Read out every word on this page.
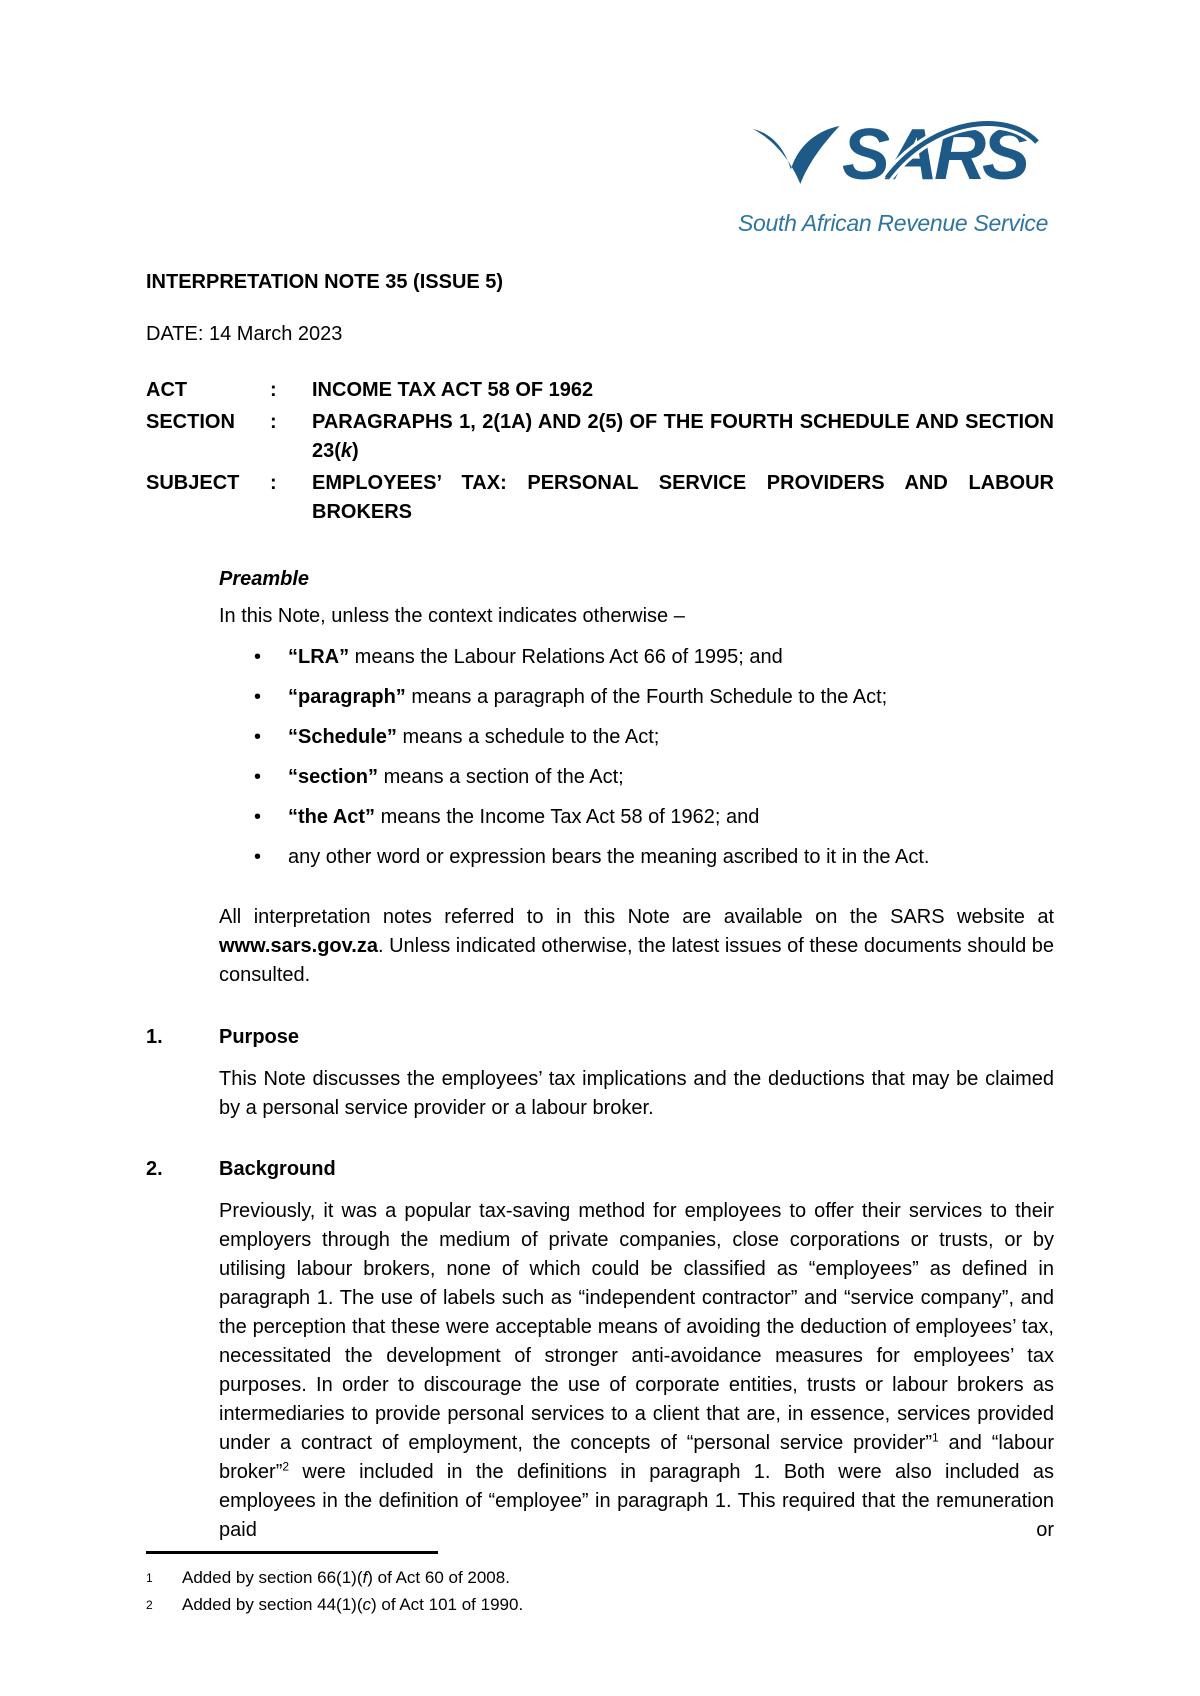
SARS
South African Revenue Service
INTERPRETATION NOTE 35 (ISSUE 5)

DATE: 14 March 2023

ACT	:	INCOME TAX ACT 58 OF 1962
SECTION	:	PARAGRAPHS 1, 2(1A) AND 2(5) OF THE FOURTH SCHEDULE AND SECTION 23(k)
SUBJECT	:	EMPLOYEES’ TAX: PERSONAL SERVICE PROVIDERS AND LABOUR BROKERS
Preamble

In this Note, unless the context indicates otherwise –

•	“LRA” means the Labour Relations Act 66 of 1995; and
•	“paragraph” means a paragraph of the Fourth Schedule to the Act;
•	“Schedule” means a schedule to the Act;
•	“section” means a section of the Act;
•	“the Act” means the Income Tax Act 58 of 1962; and
•	any other word or expression bears the meaning ascribed to it in the Act.

All interpretation notes referred to in this Note are available on the SARS website at www.sars.gov.za. Unless indicated otherwise, the latest issues of these documents should be consulted.

1.	Purpose

This Note discusses the employees’ tax implications and the deductions that may be claimed by a personal service provider or a labour broker.

2.	Background

Previously, it was a popular tax-saving method for employees to offer their services to their employers through the medium of private companies, close corporations or trusts, or by utilising labour brokers, none of which could be classified as “employees” as defined in paragraph 1. The use of labels such as “independent contractor” and “service company”, and the perception that these were acceptable means of avoiding the deduction of employees’ tax, necessitated the development of stronger anti-avoidance measures for employees’ tax purposes. In order to discourage the use of corporate entities, trusts or labour brokers as intermediaries to provide personal services to a client that are, in essence, services provided under a contract of employment, the concepts of “personal service provider”$^1$ and “labour broker”$^2$ were included in the definitions in paragraph 1. Both were also included as employees in the definition of “employee” in paragraph 1. This required that the remuneration paid or

1	Added by section 66(1)(f) of Act 60 of 2008.
2	Added by section 44(1)(c) of Act 101 of 1990.
